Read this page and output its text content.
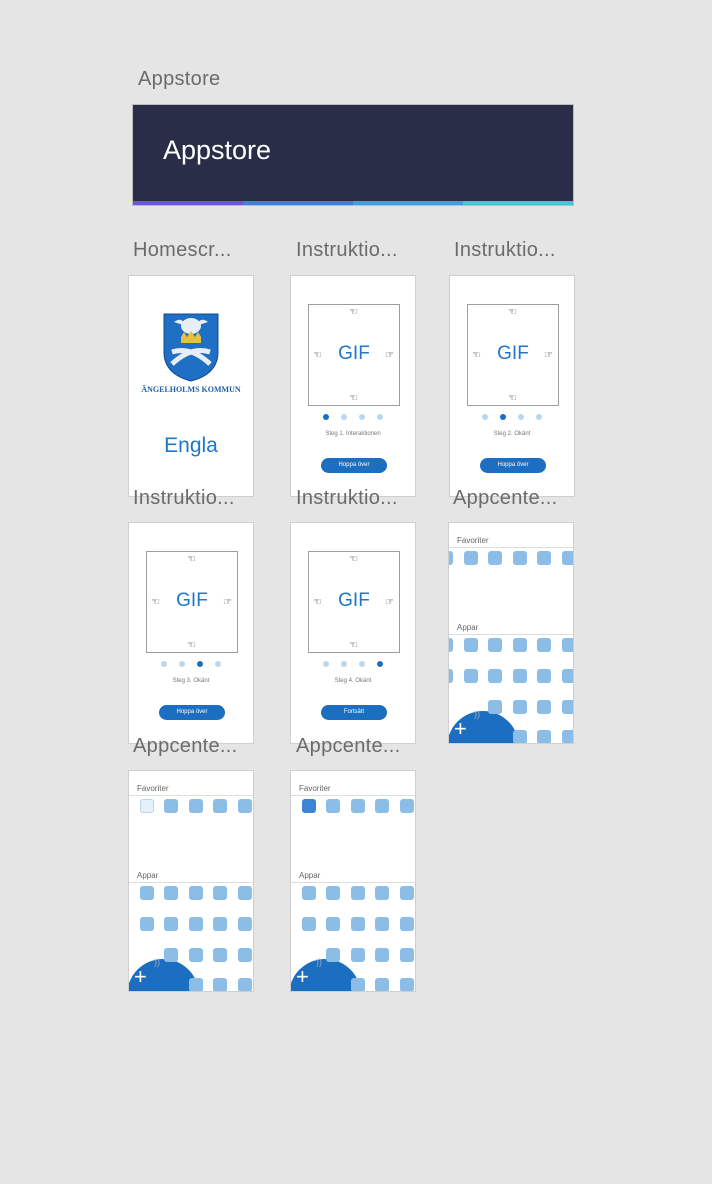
Appstore
Appstore
Homescr...	Instruktio...	Instruktio...
ÄNGELHOLMS KOMMUN
Engla
☜
☜	☞
☜
GIF
Steg 1. Interaktionen
Hoppa över
☜
☜	☞
☜
GIF
Steg 2. Okänt
Hoppa över
Instruktio...	Instruktio...	Appcente...
☜
☜	☞
☜
GIF
Steg 3. Okänt
Hoppa över
☜
☜	☞
☜
GIF
Steg 4. Okänt
Fortsätt
Favoriter
Appar
+
))
Appcente...	Appcente...
Favoriter
Appar
+
))
Favoriter
Appar
+
))
